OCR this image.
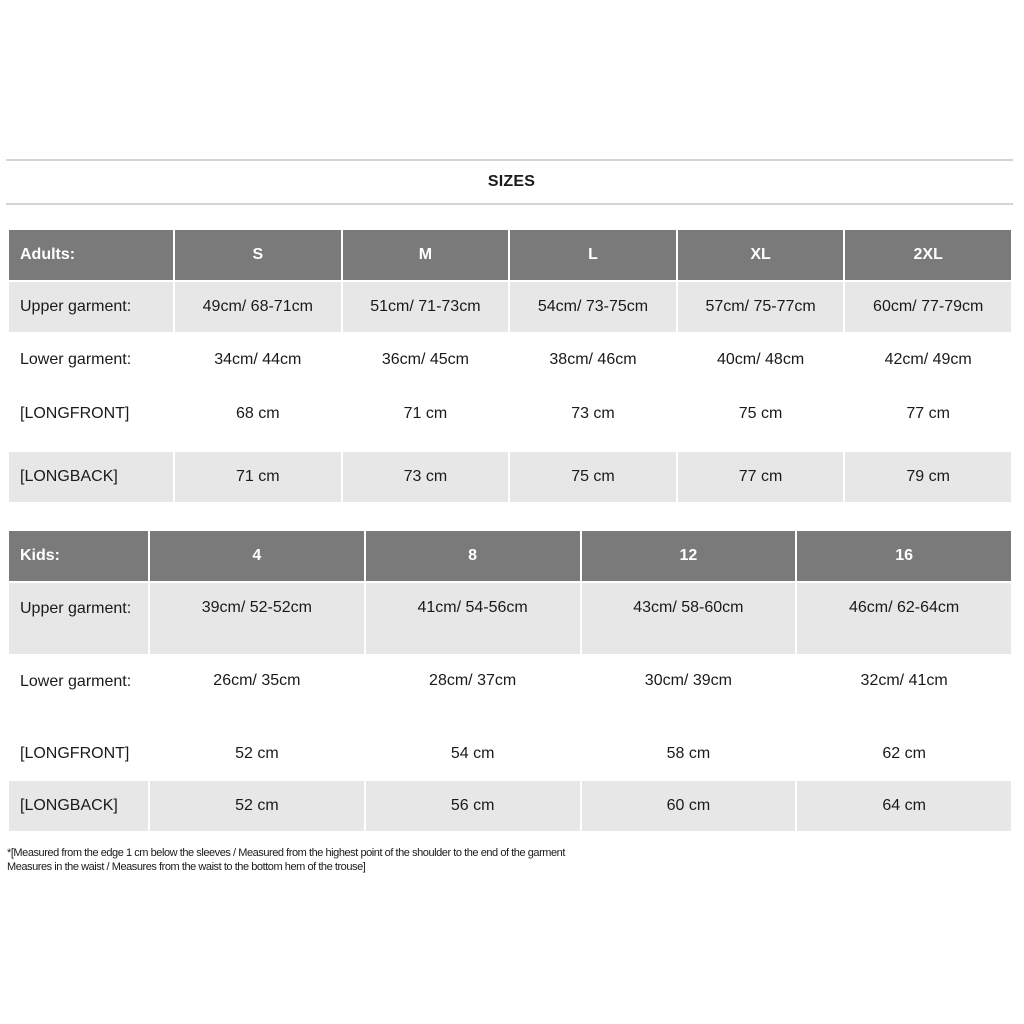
SIZES
Adults:	S	M	L	XL	2XL
Upper garment:	49cm/ 68-71cm	51cm/ 71-73cm	54cm/ 73-75cm	57cm/ 75-77cm	60cm/ 77-79cm
Lower garment:	34cm/ 44cm	36cm/ 45cm	38cm/ 46cm	40cm/ 48cm	42cm/ 49cm
[LONGFRONT]	68 cm	71 cm	73 cm	75 cm	77 cm

[LONGBACK]	71 cm	73 cm	75 cm	77 cm	79 cm
Kids:	4	8	12	16
Upper garment:	39cm/ 52-52cm	41cm/ 54-56cm	43cm/ 58-60cm	46cm/ 62-64cm
Lower garment:	26cm/ 35cm	28cm/ 37cm	30cm/ 39cm	32cm/ 41cm
[LONGFRONT]	52 cm	54 cm	58 cm	62 cm
[LONGBACK]	52 cm	56 cm	60 cm	64 cm
*[Measured from the edge 1 cm below the sleeves / Measured from the highest point of the shoulder to the end of the garment
Measures in the waist / Measures from the waist to the bottom hem of the trouse]
